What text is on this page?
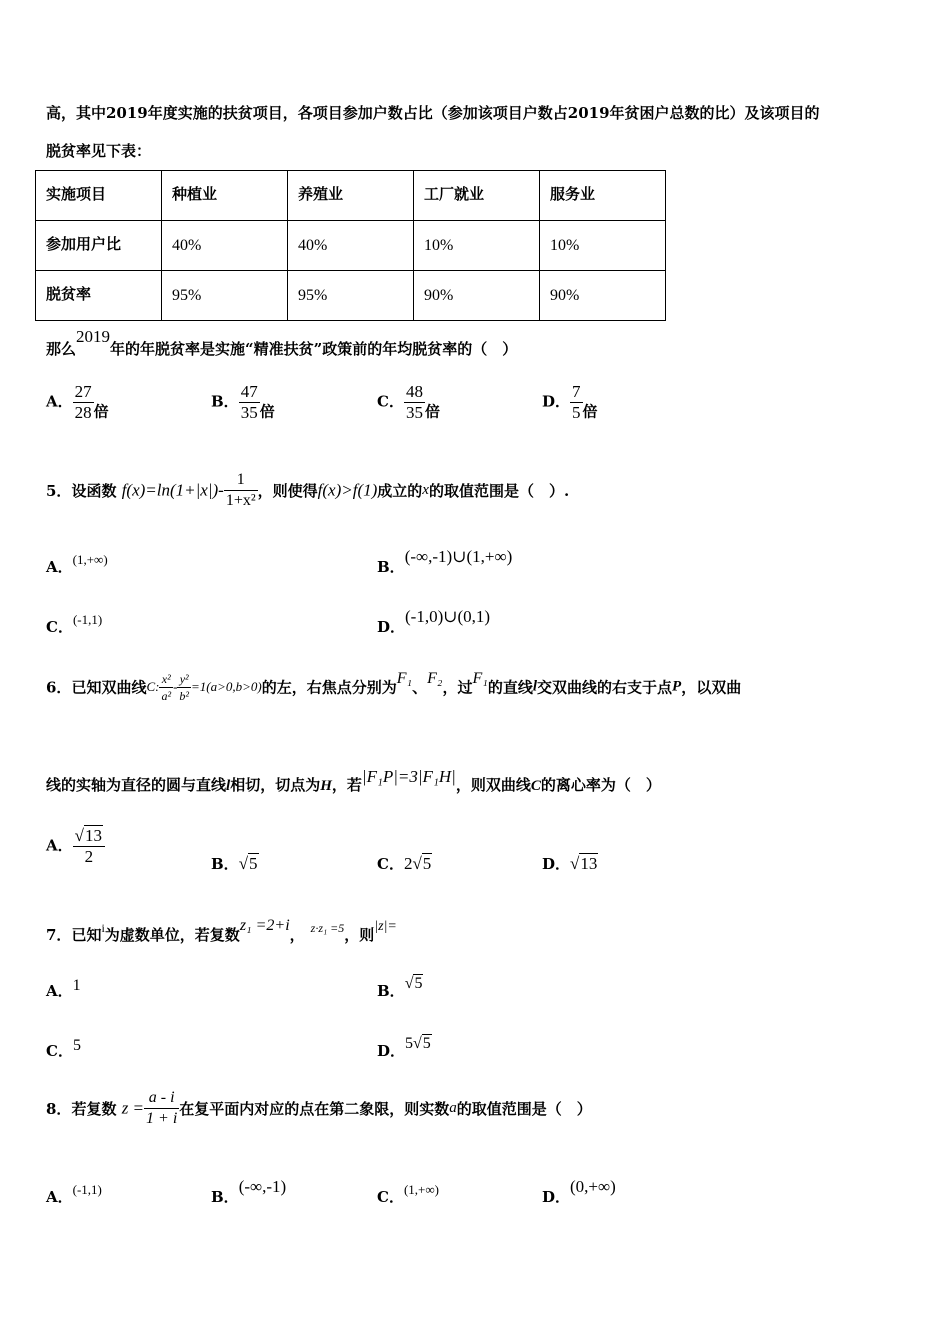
高，其中2019年度实施的扶贫项目，各项目参加户数占比（参加该项目户数占2019年贫困户总数的比）及该项目的
脱贫率见下表：
实施项目	种植业	养殖业	工厂就业	服务业
参加用户比	40%	40%	10%	10%
脱贫率	95%	95%	90%	90%
那么2019年的年脱贫率是实施“精准扶贫”政策前的年均脱贫率的（　）
A． $\frac{27}{28}$ 倍
B． $\frac{47}{35}$ 倍
C． $\frac{48}{35}$ 倍
D． $\frac{7}{5}$ 倍
5．设函数 $f(x)=\ln(1+|x|)- \frac{1}{\text{1+x²}}$ ，则使得f(x)>f(1)成立的x的取值范围是（　）.
A．(1,+∞)	B．(-∞,-1)∪(1,+∞)
C．(-1,1)	D．(-1,0)∪(0,1)
6．已知双曲线C: $\frac{\text{x²}}{\text{a²}} - \frac{\text{y²}}{\text{b²}} =1(a>0,b>0)$的左，右焦点分别为F₁、F₂，过F₁的直线l交双曲线的右支于点P，以双曲
线的实轴为直径的圆与直线l相切，切点为H，若|F₁P|=3|F₁H|，则双曲线C的离心率为（　）
A． $\frac{√13}{2}$	B．√5	C．2√5	D．√13
7．已知$^i$为虚数单位，若复数z₁ =2+i， $^{z\cdot z_1 =5}$，则|z|=
A．1	B．√5
C．5	D．5√5
8．若复数 $z = \frac{a - i}{1 + i}$ 在复平面内对应的点在第二象限，则实数a的取值范围是（　）
A．(-1,1)	B．(-∞,-1)
C．(1,+∞)	D．(0,+∞)
